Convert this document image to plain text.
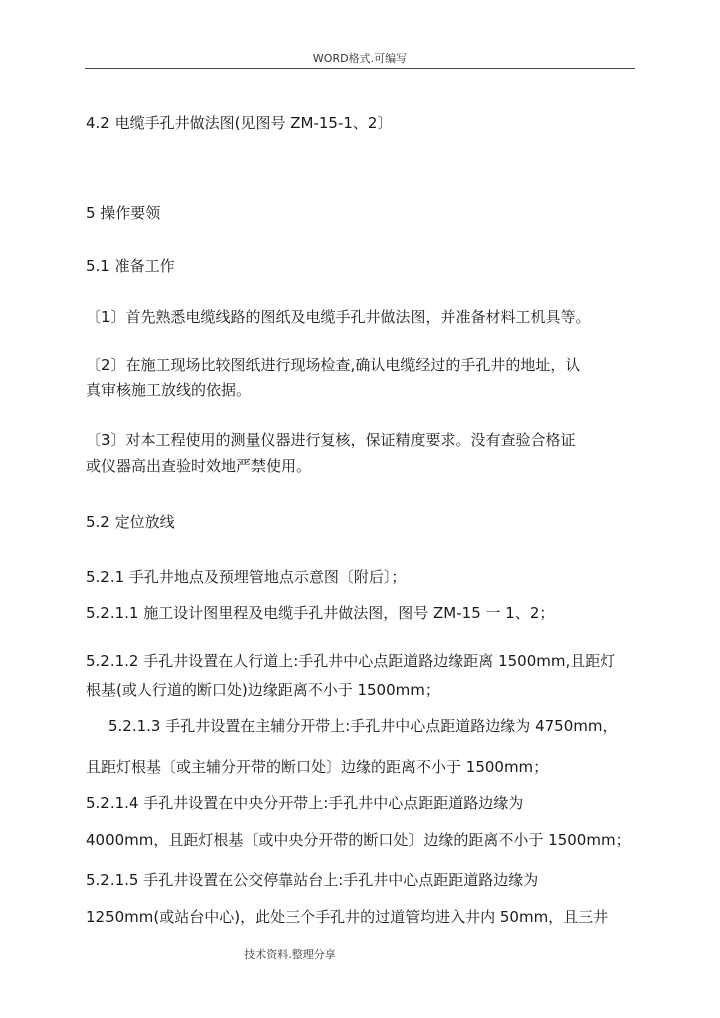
WORD格式.可编写
4.2 电缆手孔井做法图(见图号 ZM-15-1、2〕
5 操作要领
5.1 准备工作
〔1〕首先熟悉电缆线路的图纸及电缆手孔井做法图，并准备材料工机具等。
〔2〕在施工现场比较图纸进行现场检查,确认电缆经过的手孔井的地址，认
真审核施工放线的依据。
〔3〕对本工程使用的测量仪器进行复核，保证精度要求。没有查验合格证
或仪器高出查验时效地严禁使用。
5.2 定位放线
5.2.1 手孔井地点及预埋管地点示意图〔附后〕；
5.2.1.1 施工设计图里程及电缆手孔井做法图，图号 ZM-15 一 1、2；
5.2.1.2 手孔井设置在人行道上:手孔井中心点距道路边缘距离 1500mm,且距灯
根基(或人行道的断口处)边缘距离不小于 1500mm；
5.2.1.3 手孔井设置在主辅分开带上:手孔井中心点距道路边缘为 4750mm，
且距灯根基〔或主辅分开带的断口处〕边缘的距离不小于 1500mm；
5.2.1.4 手孔井设置在中央分开带上:手孔井中心点距距道路边缘为
4000mm，且距灯根基〔或中央分开带的断口处〕边缘的距离不小于 1500mm；
5.2.1.5 手孔井设置在公交停靠站台上:手孔井中心点距距道路边缘为
1250mm(或站台中心)，此处三个手孔井的过道管均进入井内 50mm，且三井
技术资料.整理分享
